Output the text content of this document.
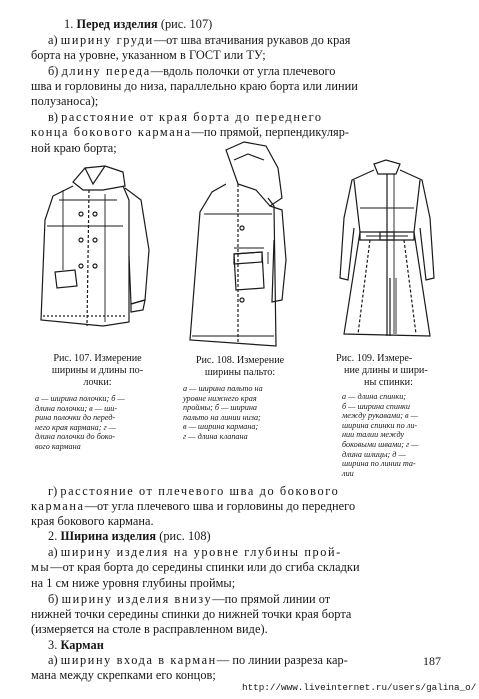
1. Перед изделия (рис. 107)
а) ширину груди—от шва втачивания рукавов до края
борта на уровне, указанном в ГОСТ или ТУ;
б) длину переда—вдоль полочки от угла плечевого
шва и горловины до низа, параллельно краю борта или линии
полузаноса);
в) расстояние от края борта до переднего
конца бокового кармана—по прямой, перпендикуляр-
ной краю борта;
Рис. 107. Измерение
ширины и длины по-
лочки:
а — ширина полочки; б —
длина полочки; в — ши-
рина полочки до перед-
него края кармана; г —
длина полочки до боко-
вого кармана
Рис. 108. Измерение
ширины пальто:
а — ширина пальто на
уровне нижнего края
проймы; б — ширина
пальто на линии низа;
в — ширина кармана;
г — длина клапана
Рис. 109. Измере-
ние длины и шири-
ны спинки:
а — длина спинки;
б — ширина спинки
между рукавами; в —
ширина спинки по ли-
нии талии между
боковыми швами; г —
длина шлицы; д —
ширина по линии та-
лии
г) расстояние от плечевого шва до бокового
кармана—от угла плечевого шва и горловины до переднего
края бокового кармана.
2. Ширина изделия (рис. 108)
а) ширину изделия на уровне глубины прой-
мы—от края борта до середины спинки или до сгиба складки
на 1 см ниже уровня глубины проймы;
б) ширину изделия внизу—по прямой линии от
нижней точки середины спинки до нижней точки края борта
(измеряется на столе в расправленном виде).
3. Карман
а) ширину входа в карман— по линии разреза кар-
мана между скрепками его концов;
187
http://www.liveinternet.ru/users/galina_o/
